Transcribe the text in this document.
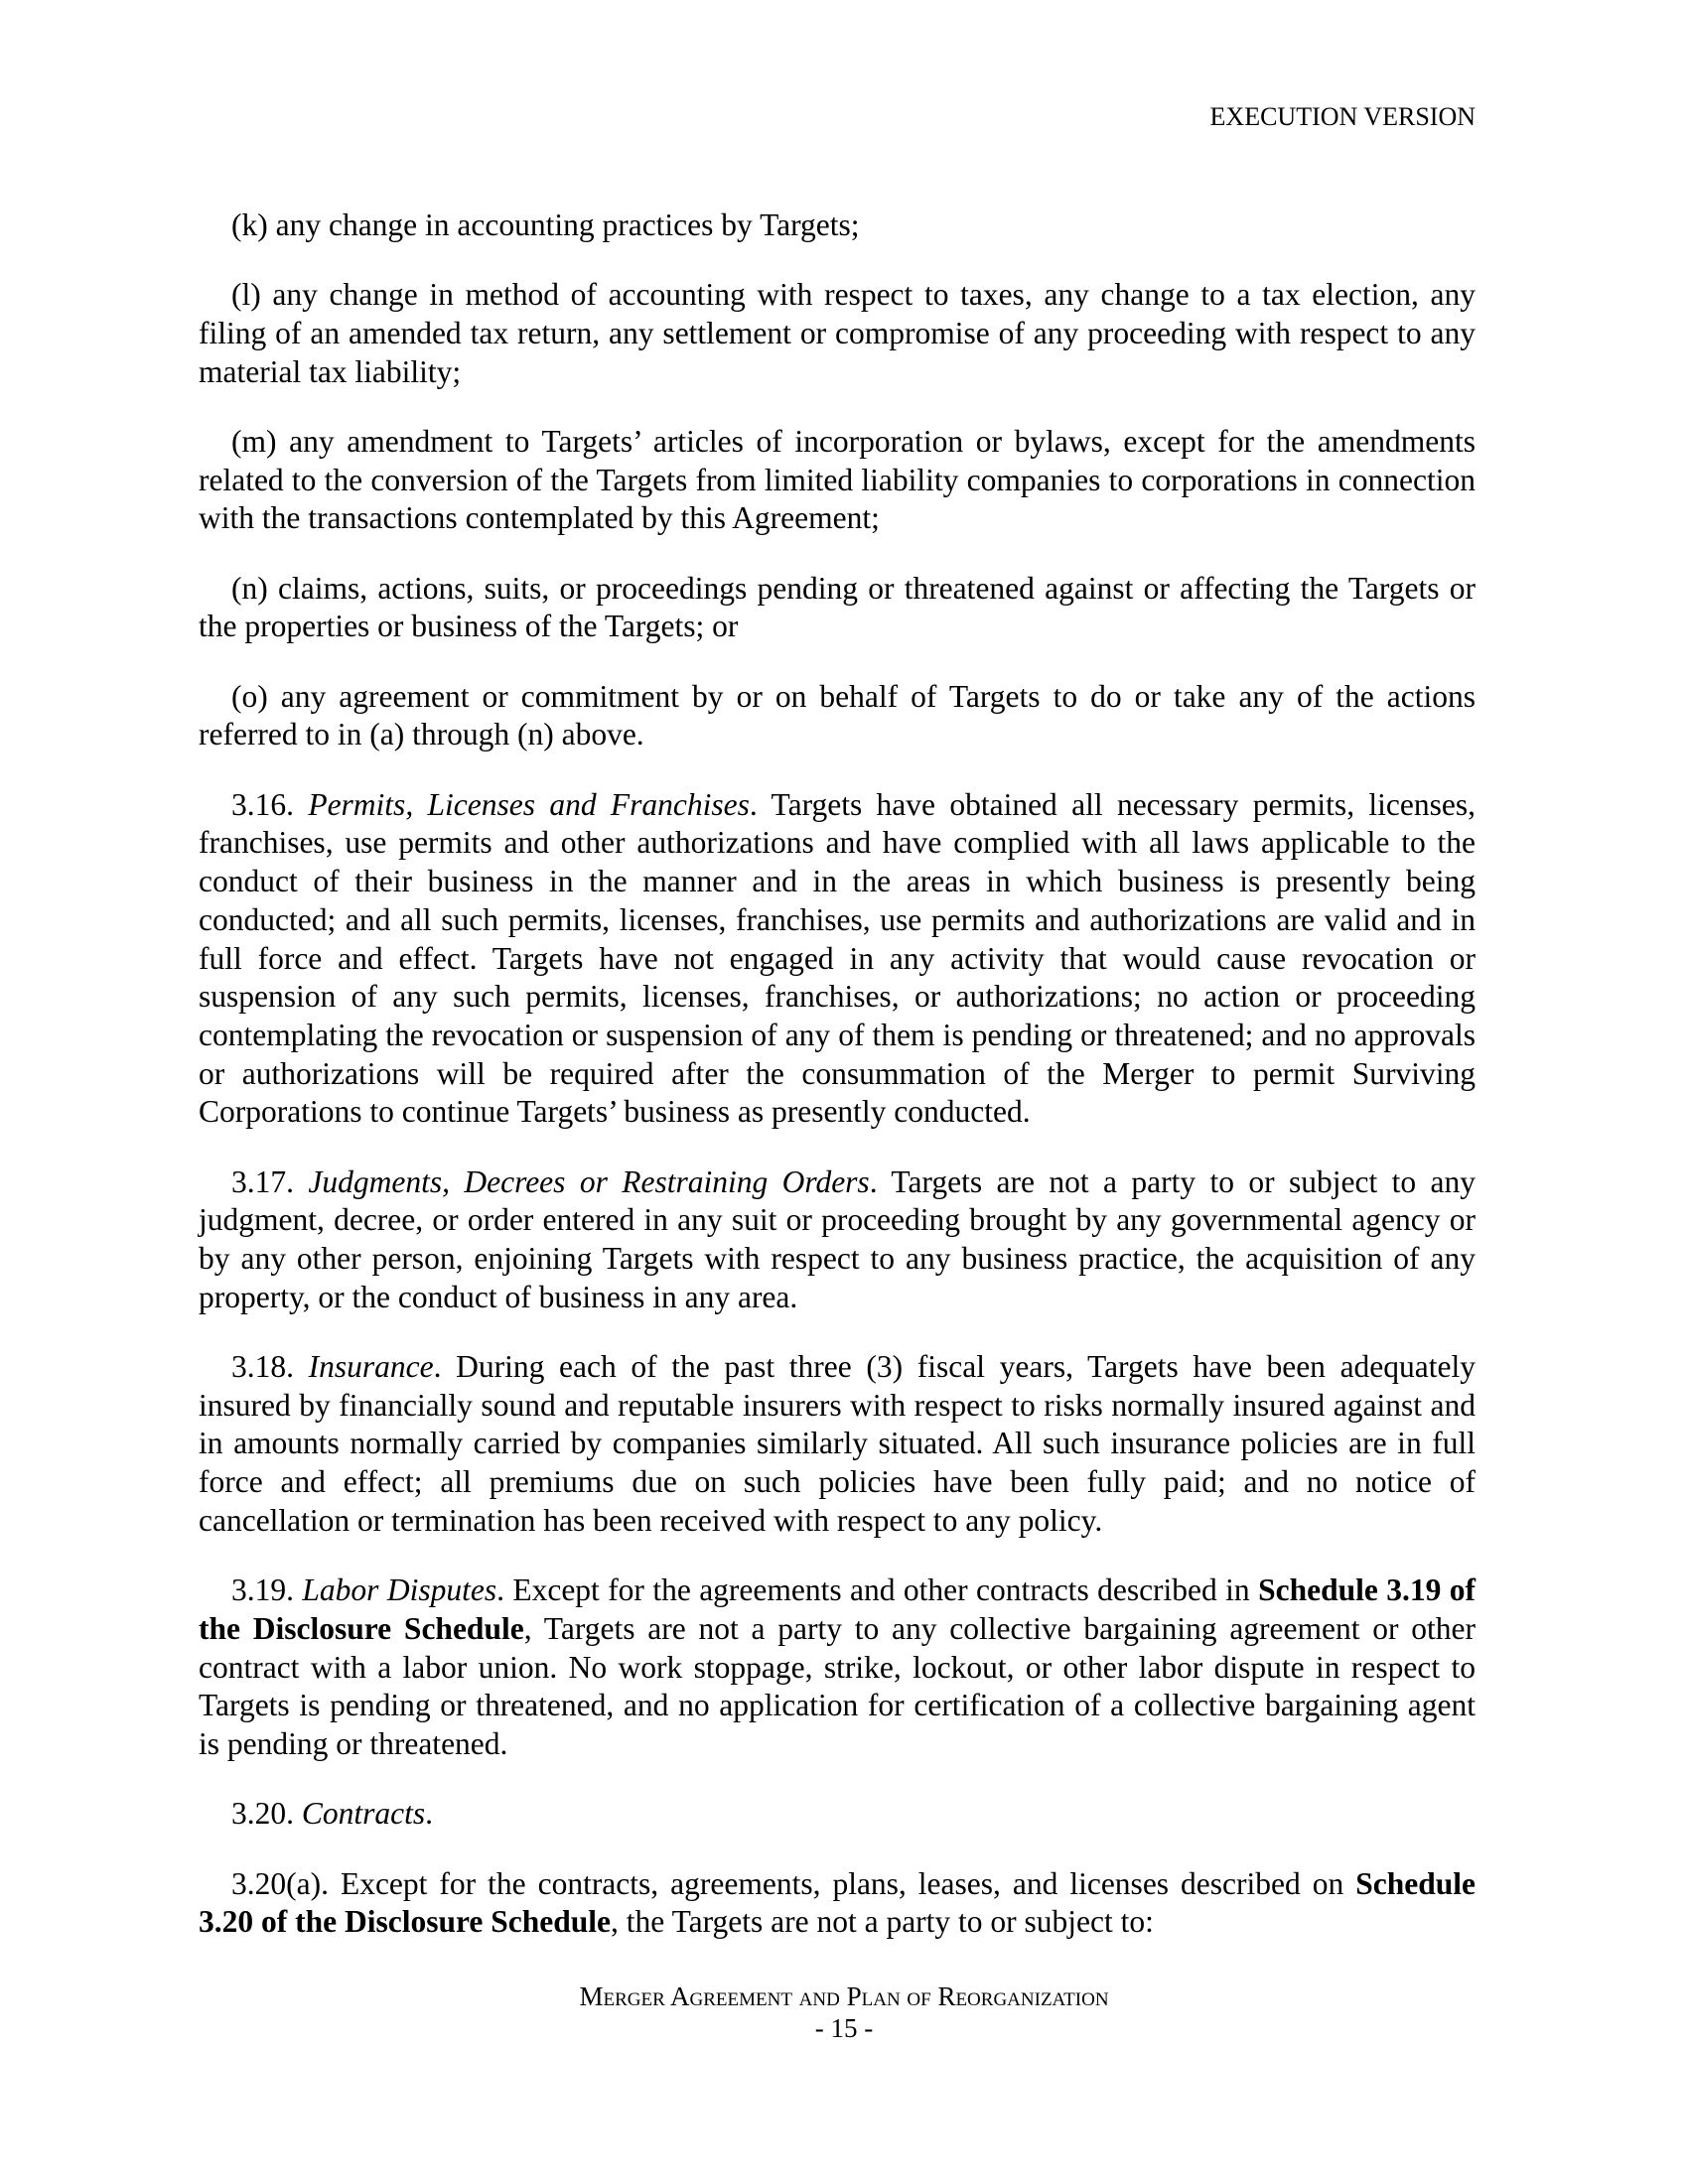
EXECUTION VERSION

(k) any change in accounting practices by Targets;

(l) any change in method of accounting with respect to taxes, any change to a tax election, any filing of an amended tax return, any settlement or compromise of any proceeding with respect to any material tax liability;

(m) any amendment to Targets’ articles of incorporation or bylaws, except for the amendments related to the conversion of the Targets from limited liability companies to corporations in connection with the transactions contemplated by this Agreement;

(n) claims, actions, suits, or proceedings pending or threatened against or affecting the Targets or the properties or business of the Targets; or

(o) any agreement or commitment by or on behalf of Targets to do or take any of the actions referred to in (a) through (n) above.

3.16. Permits, Licenses and Franchises. Targets have obtained all necessary permits, licenses, franchises, use permits and other authorizations and have complied with all laws applicable to the conduct of their business in the manner and in the areas in which business is presently being conducted; and all such permits, licenses, franchises, use permits and authorizations are valid and in full force and effect. Targets have not engaged in any activity that would cause revocation or suspension of any such permits, licenses, franchises, or authorizations; no action or proceeding contemplating the revocation or suspension of any of them is pending or threatened; and no approvals or authorizations will be required after the consummation of the Merger to permit Surviving Corporations to continue Targets’ business as presently conducted.

3.17. Judgments, Decrees or Restraining Orders. Targets are not a party to or subject to any judgment, decree, or order entered in any suit or proceeding brought by any governmental agency or by any other person, enjoining Targets with respect to any business practice, the acquisition of any property, or the conduct of business in any area.

3.18. Insurance. During each of the past three (3) fiscal years, Targets have been adequately insured by financially sound and reputable insurers with respect to risks normally insured against and in amounts normally carried by companies similarly situated. All such insurance policies are in full force and effect; all premiums due on such policies have been fully paid; and no notice of cancellation or termination has been received with respect to any policy.

3.19. Labor Disputes. Except for the agreements and other contracts described in Schedule 3.19 of the Disclosure Schedule, Targets are not a party to any collective bargaining agreement or other contract with a labor union. No work stoppage, strike, lockout, or other labor dispute in respect to Targets is pending or threatened, and no application for certification of a collective bargaining agent is pending or threatened.

3.20. Contracts.

3.20(a). Except for the contracts, agreements, plans, leases, and licenses described on Schedule 3.20 of the Disclosure Schedule, the Targets are not a party to or subject to:

Merger Agreement and Plan of Reorganization
- 15 -
